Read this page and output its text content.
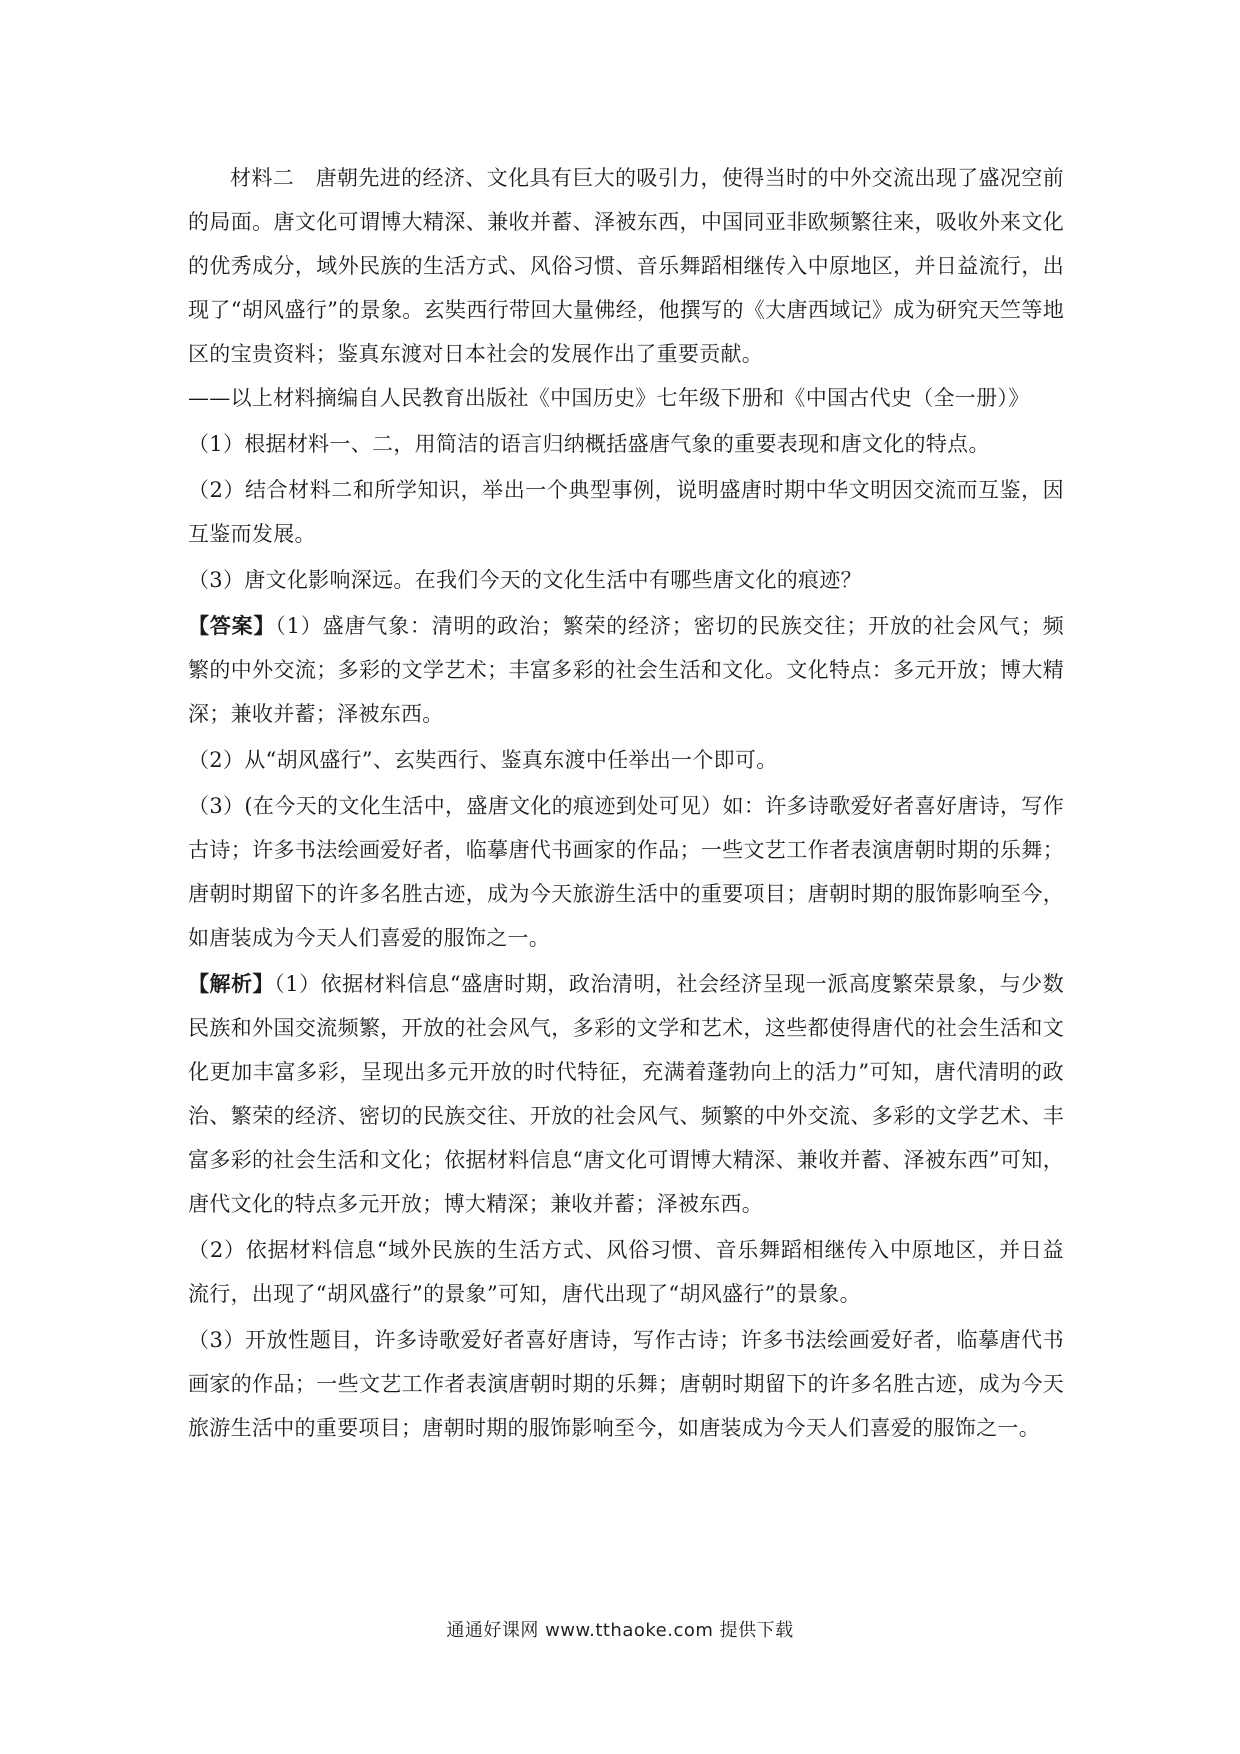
材料二　 唐朝先进的经济、文化具有巨大的吸引力，使得当时的中外交流出现了盛况空前的局面。唐文化可谓博大精深、兼收并蓄、泽被东西，中国同亚非欧频繁往来，吸收外来文化的优秀成分，域外民族的生活方式、风俗习惯、音乐舞蹈相继传入中原地区，并日益流行，出现了“胡风盛行”的景象。玄奘西行带回大量佛经，他撰写的《大唐西域记》成为研究天竺等地区的宝贵资料；鉴真东渡对日本社会的发展作出了重要贡献。

——以上材料摘编自人民教育出版社《中国历史》七年级下册和《中国古代史（全一册）》

（1）根据材料一、二，用简洁的语言归纳概括盛唐气象的重要表现和唐文化的特点。

（2）结合材料二和所学知识，举出一个典型事例，说明盛唐时期中华文明因交流而互鉴，因互鉴而发展。

（3）唐文化影响深远。在我们今天的文化生活中有哪些唐文化的痕迹？

【答案】（1）盛唐气象：清明的政治；繁荣的经济；密切的民族交往；开放的社会风气；频繁的中外交流；多彩的文学艺术；丰富多彩的社会生活和文化。文化特点：多元开放；博大精深；兼收并蓄；泽被东西。

（2）从“胡风盛行”、玄奘西行、鉴真东渡中任举出一个即可。

（3）(在今天的文化生活中，盛唐文化的痕迹到处可见）如：许多诗歌爱好者喜好唐诗，写作古诗；许多书法绘画爱好者，临摹唐代书画家的作品；一些文艺工作者表演唐朝时期的乐舞；唐朝时期留下的许多名胜古迹，成为今天旅游生活中的重要项目；唐朝时期的服饰影响至今，如唐装成为今天人们喜爱的服饰之一。

【解析】（1）依据材料信息“盛唐时期，政治清明，社会经济呈现一派高度繁荣景象，与少数民族和外国交流频繁，开放的社会风气，多彩的文学和艺术，这些都使得唐代的社会生活和文化更加丰富多彩，呈现出多元开放的时代特征，充满着蓬勃向上的活力”可知，唐代清明的政治、繁荣的经济、密切的民族交往、开放的社会风气、频繁的中外交流、多彩的文学艺术、丰富多彩的社会生活和文化；依据材料信息“唐文化可谓博大精深、兼收并蓄、泽被东西”可知，唐代文化的特点多元开放；博大精深；兼收并蓄；泽被东西。

（2）依据材料信息“域外民族的生活方式、风俗习惯、音乐舞蹈相继传入中原地区，并日益流行，出现了“胡风盛行”的景象”可知，唐代出现了“胡风盛行”的景象。

（3）开放性题目，许多诗歌爱好者喜好唐诗，写作古诗；许多书法绘画爱好者，临摹唐代书画家的作品；一些文艺工作者表演唐朝时期的乐舞；唐朝时期留下的许多名胜古迹，成为今天旅游生活中的重要项目；唐朝时期的服饰影响至今，如唐装成为今天人们喜爱的服饰之一。

通通好课网 www.tthaoke.com 提供下载
